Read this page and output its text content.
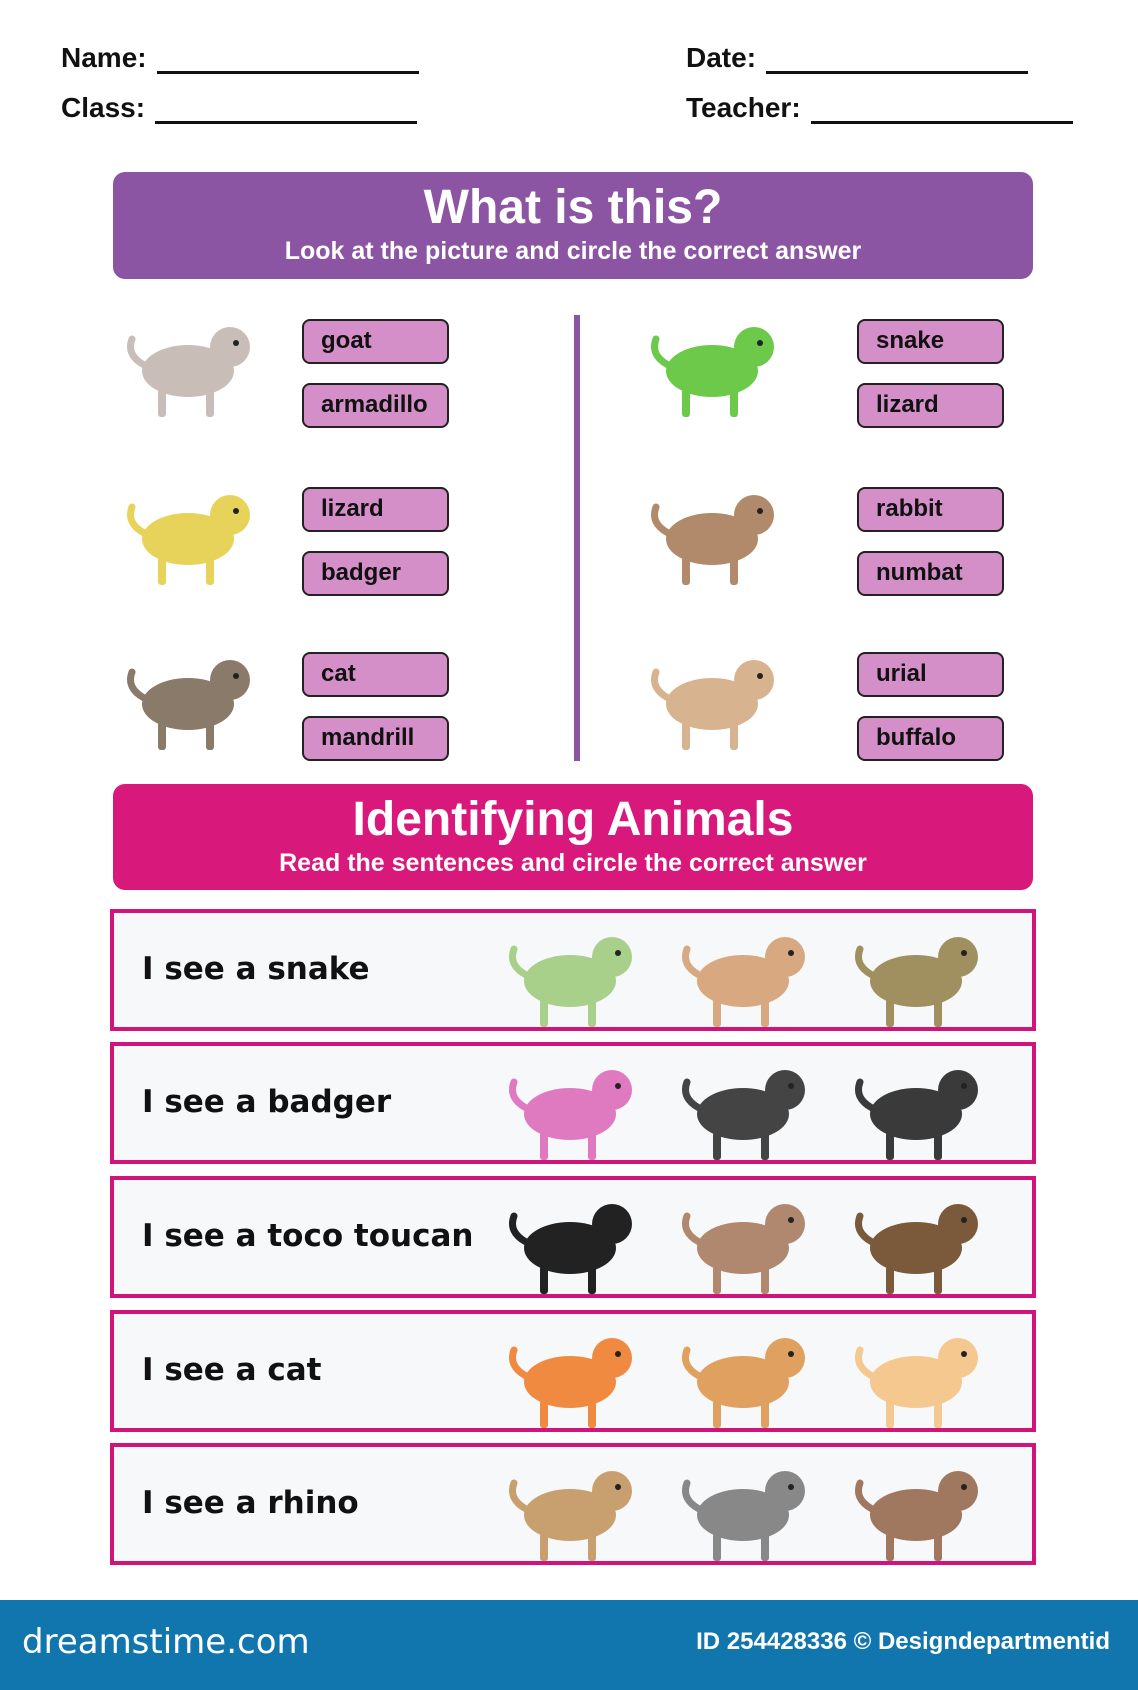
Name:
Class:
Date:
Teacher:
What is this?
Look at the picture and circle the correct answer
goat
armadillo
lizard
badger
cat
mandrill
snake
lizard
rabbit
numbat
urial
buffalo
Identifying Animals
Read the sentences and circle the correct answer
I see a snake
I see a badger
I see a toco toucan
I see a cat
I see a rhino
dreamstime.com	ID 254428336 © Designdepartmentid
